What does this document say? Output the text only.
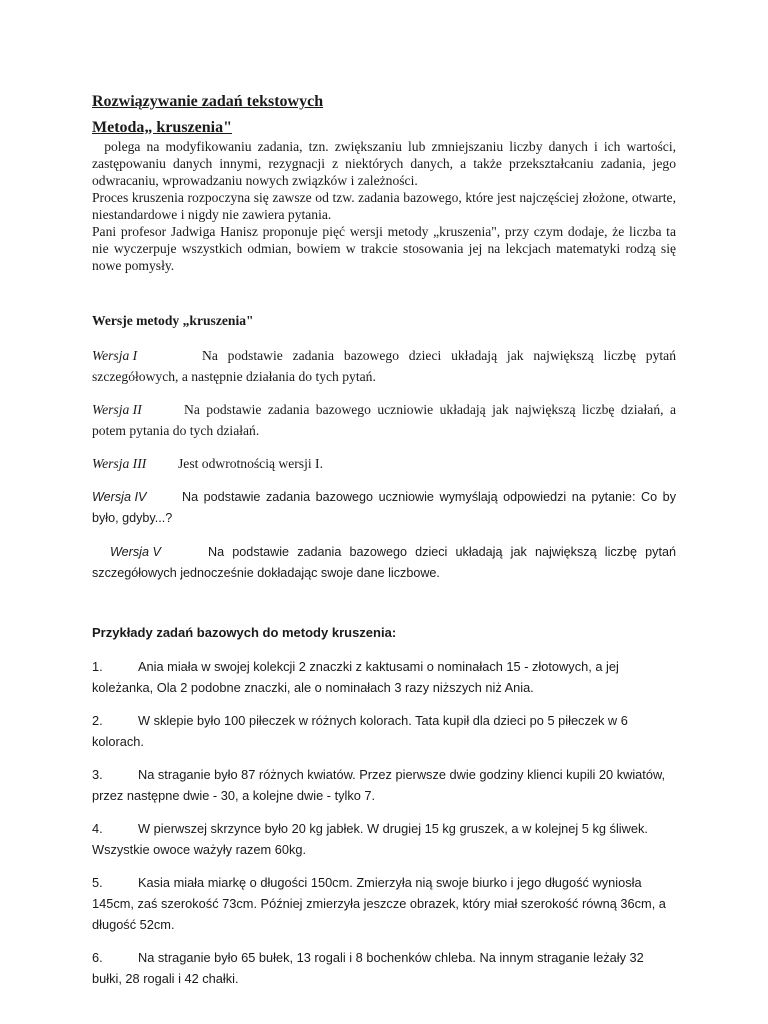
Rozwiązywanie zadań tekstowych
Metoda„ kruszenia"

polega na modyfikowaniu zadania, tzn. zwiększaniu lub zmniejszaniu liczby danych i ich wartości, zastępowaniu danych innymi, rezygnacji z niektórych danych, a także przekształcaniu zadania, jego odwracaniu, wprowadzaniu nowych związków i zależności.

Proces kruszenia rozpoczyna się zawsze od tzw. zadania bazowego, które jest najczęściej złożone, otwarte, niestandardowe i nigdy nie zawiera pytania.

Pani profesor Jadwiga Hanisz proponuje pięć wersji metody „kruszenia", przy czym dodaje, że liczba ta nie wyczerpuje wszystkich odmian, bowiem w trakcie stosowania jej na lekcjach matematyki rodzą się nowe pomysły.

Wersje metody „kruszenia"

Wersja I	Na podstawie zadania bazowego dzieci układają jak największą liczbę pytań szczegółowych, a następnie działania do tych pytań.

Wersja II	Na podstawie zadania bazowego uczniowie układają jak największą liczbę działań, a potem pytania do tych działań.

Wersja III Jest odwrotnością wersji I.

Wersja IV	Na podstawie zadania bazowego uczniowie wymyślają odpowiedzi na pytanie: Co by było, gdyby...?

Wersja V	Na podstawie zadania bazowego dzieci układają jak największą liczbę pytań szczegółowych jednocześnie dokładając swoje dane liczbowe.

Przykłady zadań bazowych do metody kruszenia:

1.	Ania miała w swojej kolekcji 2 znaczki z kaktusami o nominałach 15 - złotowych, a jej koleżanka, Ola 2 podobne znaczki, ale o nominałach 3 razy niższych niż Ania.

2.	W sklepie było 100 piłeczek w różnych kolorach. Tata kupił dla dzieci po 5 piłeczek w 6 kolorach.

3.	Na straganie było 87 różnych kwiatów. Przez pierwsze dwie godziny klienci kupili 20 kwiatów, przez następne dwie - 30, a kolejne dwie - tylko 7.

4.	W pierwszej skrzynce było 20 kg jabłek. W drugiej 15 kg gruszek, a w kolejnej 5 kg śliwek. Wszystkie owoce ważyły razem 60kg.

5.	Kasia miała miarkę o długości 150cm. Zmierzyła nią swoje biurko i jego długość wyniosła 145cm, zaś szerokość 73cm. Później zmierzyła jeszcze obrazek, który miał szerokość równą 36cm, a długość 52cm.

6.	Na straganie było 65 bułek, 13 rogali i 8 bochenków chleba. Na innym straganie leżały 32 bułki, 28 rogali i 42 chałki.
